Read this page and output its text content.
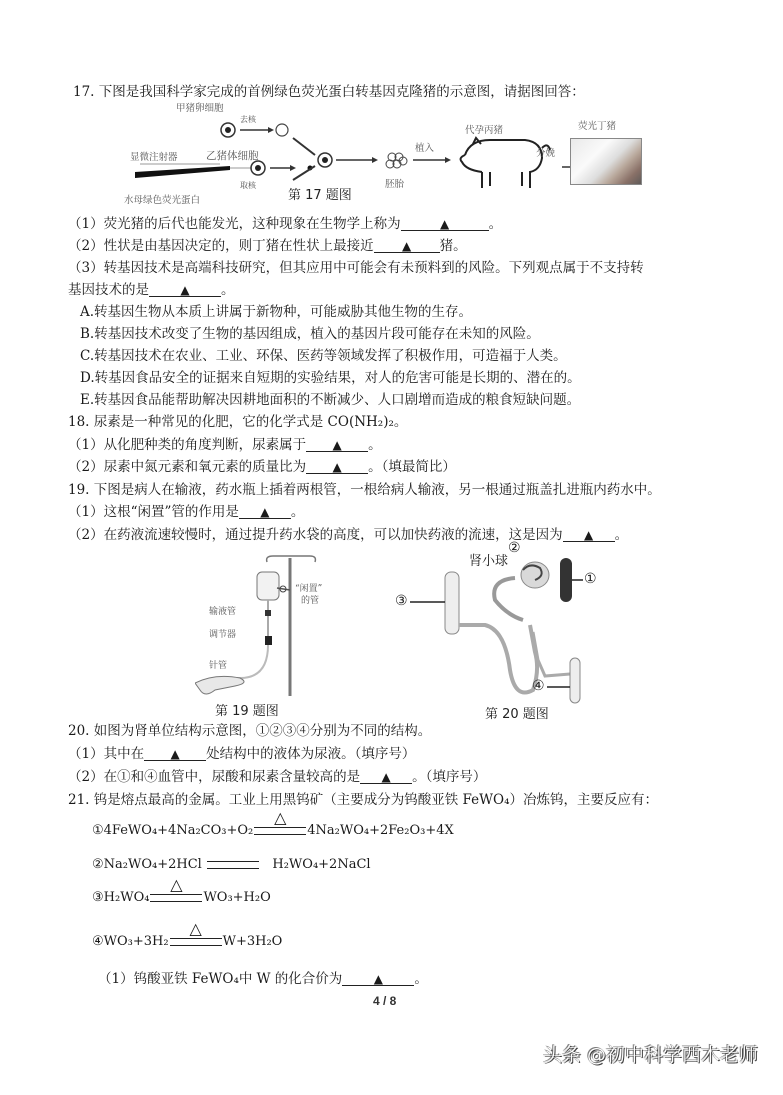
17. 下图是我国科学家完成的首例绿色荧光蛋白转基因克隆猪的示意图，请据图回答：
甲猪卵细胞
去核
显微注射器	乙猪体细胞
取核
水母绿色荧光蛋白
胚胎
植入
代孕丙猪
分娩
荧光丁猪
第 17 题图
（1）荧光猪的后代也能发光，这种现象在生物学上称为	▲	。
（2）性状是由基因决定的，则丁猪在性状上最接近 ▲ 猪。
（3）转基因技术是高端科技研究，但其应用中可能会有未预料到的风险。下列观点属于不支持转
基因技术的是	▲ 。
A.转基因生物从本质上讲属于新物种，可能威胁其他生物的生存。
B.转基因技术改变了生物的基因组成，植入的基因片段可能存在未知的风险。
C.转基因技术在农业、工业、环保、医药等领域发挥了积极作用，可造福于人类。
D.转基因食品安全的证据来自短期的实验结果，对人的危害可能是长期的、潜在的。
E.转基因食品能帮助解决因耕地面积的不断减少、人口剧增而造成的粮食短缺问题。
18. 尿素是一种常见的化肥，它的化学式是 CO(NH₂)₂。
（1）从化肥种类的角度判断，尿素属于 ▲ 。
（2）尿素中氮元素和氧元素的质量比为 ▲ 。（填最简比）
19. 下图是病人在输液，药水瓶上插着两根管，一根给病人输液，另一根通过瓶盖扎进瓶内药水中。
（1）这根“闲置”管的作用是 ▲ 。
（2）在药液流速较慢时，通过提升药水袋的高度，可以加快药液的流速，这是因为 ▲ 。
“闲置”
的管
输液管
调节器
针管
第 19 题图
肾小球
②
①
③
④
第 20 题图
20. 如图为肾单位结构示意图，①②③④分别为不同的结构。
（1）其中在 ▲ 处结构中的液体为尿液。（填序号）
（2）在①和④血管中，尿酸和尿素含量较高的是 ▲ 。（填序号）
21. 钨是熔点最高的金属。工业上用黑钨矿（主要成分为钨酸亚铁 FeWO₄）冶炼钨，主要反应有：
①4FeWO₄+4Na₂CO₃+O₂
△
4Na₂WO₄+2Fe₂O₃+4X
②Na₂WO₄+2HCl	H₂WO₄+2NaCl
③H₂WO₄
△
WO₃+H₂O
④WO₃+3H₂
△
W+3H₂O
（1）钨酸亚铁 FeWO₄中 W 的化合价为	▲ 。
4 / 8
头条 @初中科学西木老师
